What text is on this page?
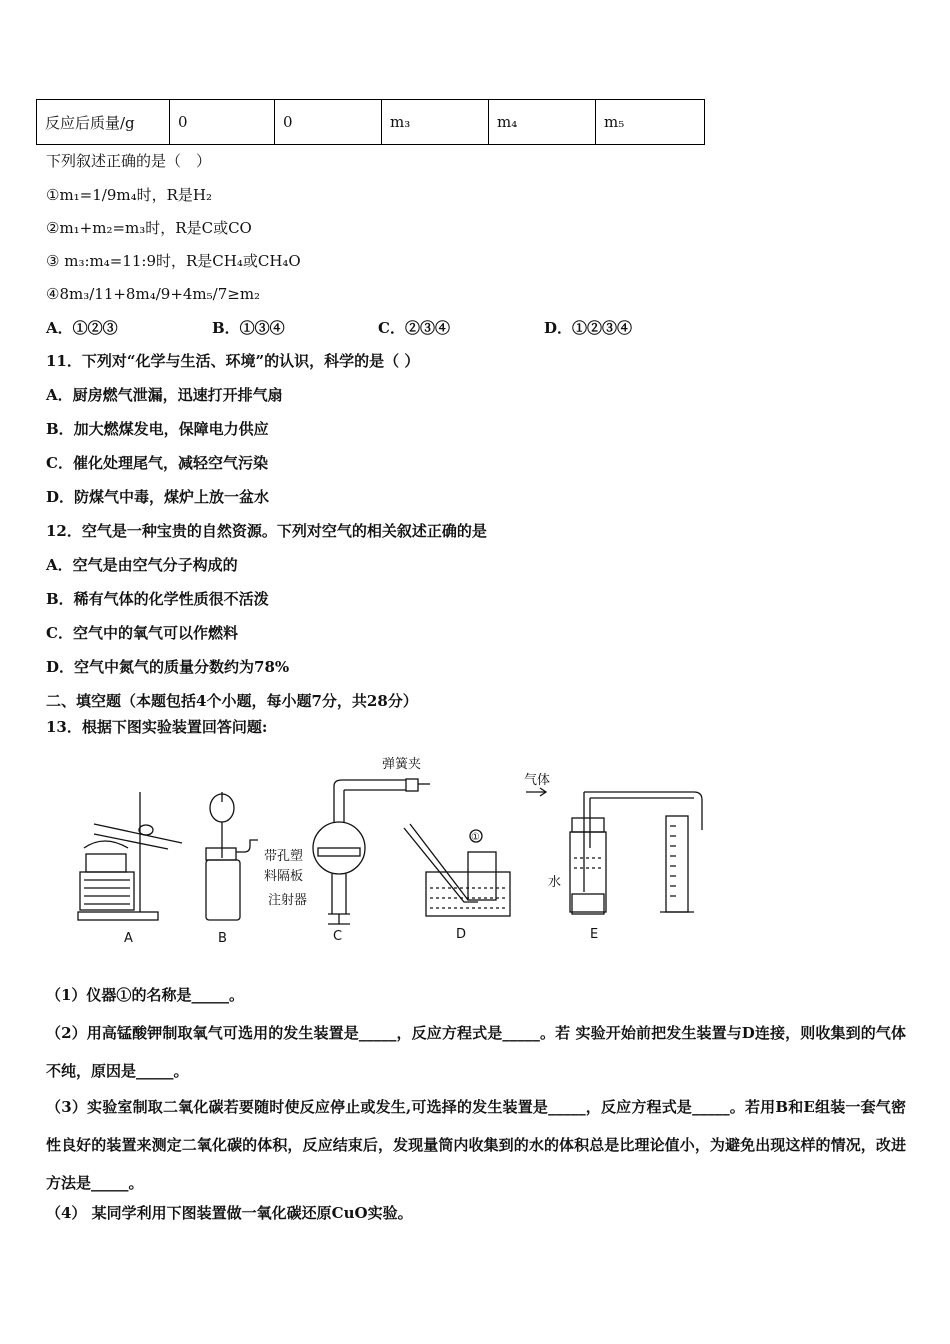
反应后质量/g	0	0	m₃	m₄	m₅
下列叙述正确的是（　）
①m₁=1/9m₄时，R是H₂
②m₁+m₂=m₃时，R是C或CO
③ m₃:m₄=11:9时，R是CH₄或CH₄O
④8m₃/11+8m₄/9+4m₅/7≥m₂
A．①②③	B．①③④	C．②③④	D．①②③④
11．下列对“化学与生活、环境”的认识，科学的是（ ）
A．厨房燃气泄漏，迅速打开排气扇
B．加大燃煤发电，保障电力供应
C．催化处理尾气，减轻空气污染
D．防煤气中毒，煤炉上放一盆水
12．空气是一种宝贵的自然资源。下列对空气的相关叙述正确的是
A．空气是由空气分子构成的
B．稀有气体的化学性质很不活泼
C．空气中的氧气可以作燃料
D．空气中氮气的质量分数约为78%
二、填空题（本题包括4个小题，每小题7分，共28分）
13．根据下图实验装置回答问题:
A	B	C	D	E
弹簧夹
带孔塑
料隔板
注射器
气体
水
①
（1）仪器①的名称是_____。
（2）用高锰酸钾制取氧气可选用的发生装置是_____，反应方程式是_____。若 实验开始前把发生装置与D连接，则收集到的气体不纯，原因是_____。
（3）实验室制取二氧化碳若要随时使反应停止或发生,可选择的发生装置是_____，反应方程式是_____。若用B和E组装一套气密性良好的装置来测定二氧化碳的体积，反应结束后，发现量筒内收集到的水的体积总是比理论值小，为避免出现这样的情况，改进方法是_____。
（4） 某同学利用下图装置做一氧化碳还原CuO实验。
